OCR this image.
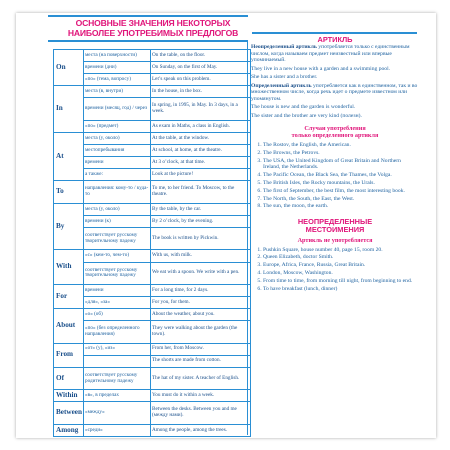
ОСНОВНЫЕ ЗНАЧЕНИЯ НЕКОТОРЫХ
НАИБОЛЕЕ УПОТРЕБИМЫХ ПРЕДЛОГОВ
On	места (на поверхности)	On the table, on the floor.
	времени (дни)	On Sunday, on the first of May.
	«по» (тема, вопросу)	Let’s speak on this problem.
In	места (в, внутри)	In the house, in the box.
	времени (месяц, год) / через	In spring, in 1995, in May. In 3 days, in a week.
	«по» (предмет)	As exam in Maths, a class in English.
At	места (у, около)	At the table, at the window.
	местопребывания	At school, at home, at the theatre.
	времени	At 3 o’clock, at that time.
	а также:	Look at the picture!
To	направления: кому-то / куда-то	To me, to her friend. To Moscow, to the theatre.
By	места (у, около)	By the table, by the car.
	времени (к)	By 2 o’clock, by the evening.
	соответствует русскому творительному падежу	The book is written by Pickwin.
With	«с» (кем-то, чем-то)	With us, with milk.
	соответствует русскому творительному падежу	We eat with a spoon. We write with a pen.
For	времени	For a long time, for 2 days.
	«для», «за»	For you, for them.
About	«о» (об)	About the weather, about you.
	«по» (без определенного направления)	They were walking about the garden (the town).
From	«от» (у), «из»	From her, from Moscow.
		The shorts are made from cotton.
Of	соответствует русскому родительному падежу	The hat of my sister. A teacher of English.
Within	«в», в пределах	You must do it within a week.
Between	«между»	Between the desks. Between you and me (между нами).
Among	«среди»	Among the people, among the trees.
АРТИКЛЬ

Неопределенный артикль употребляется только с единственным числом, когда называем предмет неизвестный или впервые упоминаемый.

They live in a new house with a garden and a swimming pool.

She has a sister and a brother.

Определенный артикль употребляется как в единственном, так и во множественном числе, когда речь идет о предмете известном или упомянутом.

The house is new and the garden is wonderful.

The sister and the brother are very kind (полезн).

Случаи употребления
только определенного артикля
1. The Rostov, the English, the American.
2. The Browns, the Petrovs.
3. The USA, the United Kingdom of Great Britain and Northern Ireland, the Netherlands.
4. The Pacific Ocean, the Black Sea, the Thames, the Volga.
5. The British Isles, the Rocky mountains, the Urals.
6. The first of September, the best film, the most interesting book.
7. The North, the South, the East, the West.
8. The sun, the moon, the earth.
НЕОПРЕДЕЛЕННЫЕ
МЕСТОИМЕНИЯ
Артикль не употребляется
1. Pushkin Square, house number 40, page 15, room 20.
2. Queen Elizabeth, doctor Smith.
3. Europe, Africa, France, Russia, Great Britain.
4. London, Moscow, Washington.
5. From time to time, from morning till night, from beginning to end.
6. To have breakfast (lunch, dinner)
